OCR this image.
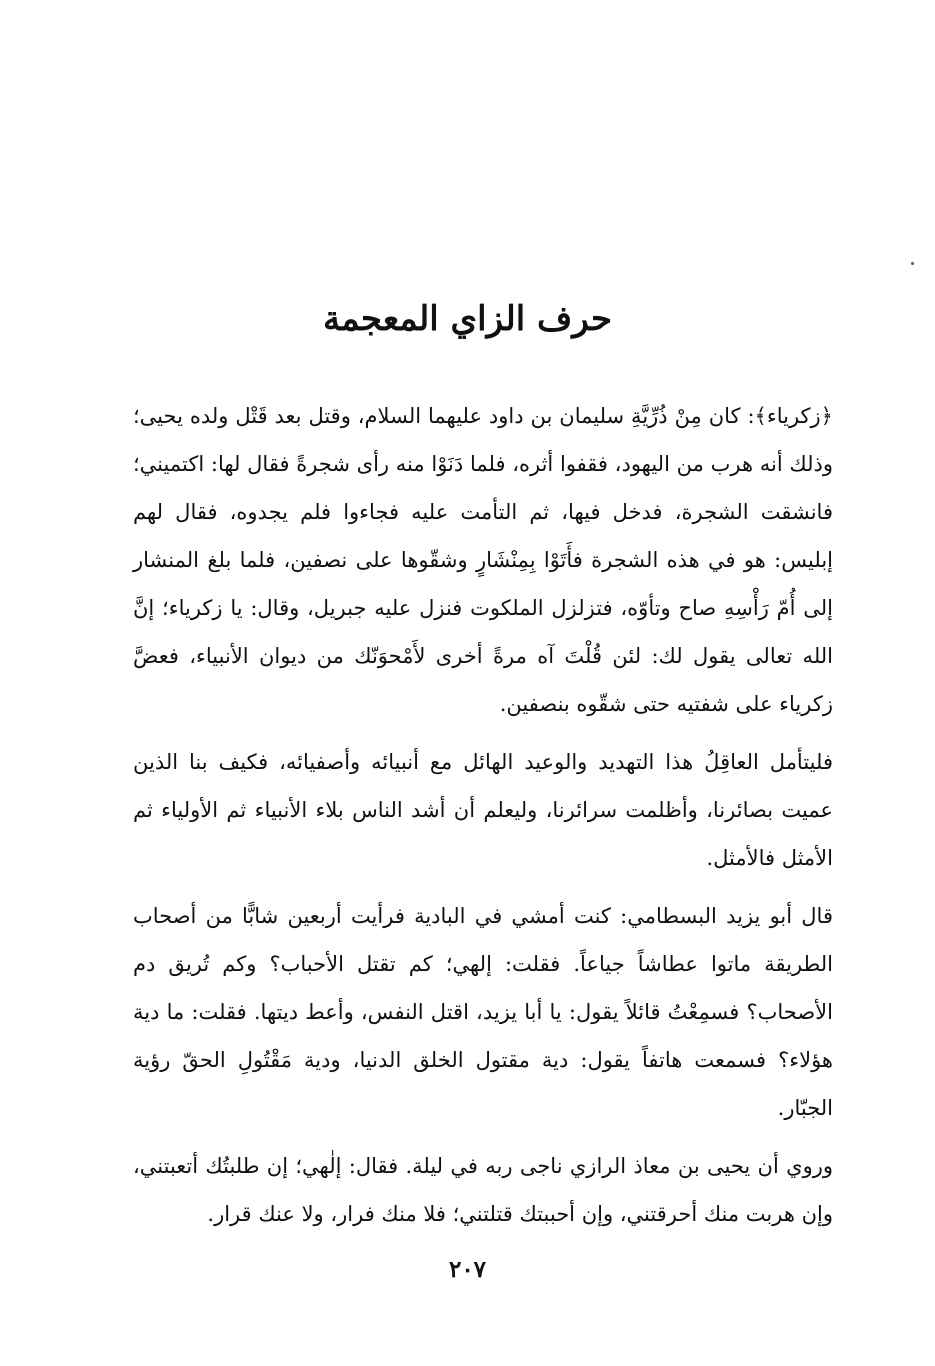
حرف الزاي المعجمة

﴿زكرياء﴾: كان مِنْ ذُرِّيَّةِ سليمان بن داود عليهما السلام، وقتل بعد قَتْل ولده يحيى؛ وذلك أنه هرب من اليهود، فقفوا أثره، فلما دَنَوْا منه رأى شجرةً فقال لها: اكتميني؛ فانشقت الشجرة، فدخل فيها، ثم التأمت عليه فجاءوا فلم يجدوه، فقال لهم إبليس: هو في هذه الشجرة فأَتَوْا بِمِنْشَارٍ وشقّوها على نصفين، فلما بلغ المنشار إلى أُمّ رَأْسِهِ صاح وتأوّه، فتزلزل الملكوت فنزل عليه جبريل، وقال: يا زكرياء؛ إنَّ الله تعالى يقول لك: لئن قُلْتَ آه مرةً أخرى لأَمْحوَنّك من ديوان الأنبياء، فعضَّ زكرياء على شفتيه حتى شقّوه بنصفين.

فليتأمل العاقِلُ هذا التهديد والوعيد الهائل مع أنبيائه وأصفيائه، فكيف بنا الذين عميت بصائرنا، وأظلمت سرائرنا، وليعلم أن أشد الناس بلاء الأنبياء ثم الأولياء ثم الأمثل فالأمثل.

قال أبو يزيد البسطامي: كنت أمشي في البادية فرأيت أربعين شابًّا من أصحاب الطريقة ماتوا عطاشاً جياعاً. فقلت: إلهي؛ كم تقتل الأحباب؟ وكم تُريق دم الأصحاب؟ فسمِعْتُ قائلاً يقول: يا أبا يزيد، اقتل النفس، وأعط ديتها. فقلت: ما دية هؤلاء؟ فسمعت هاتفاً يقول: دية مقتول الخلق الدنيا، ودية مَقْتُولِ الحقّ رؤية الجبّار.

وروي أن يحيى بن معاذ الرازي ناجى ربه في ليلة. فقال: إلٰهي؛ إن طلبتُك أتعبتني، وإن هربت منك أحرقتني، وإن أحببتك قتلتني؛ فلا منك فرار، ولا عنك قرار.

٢٠٧
